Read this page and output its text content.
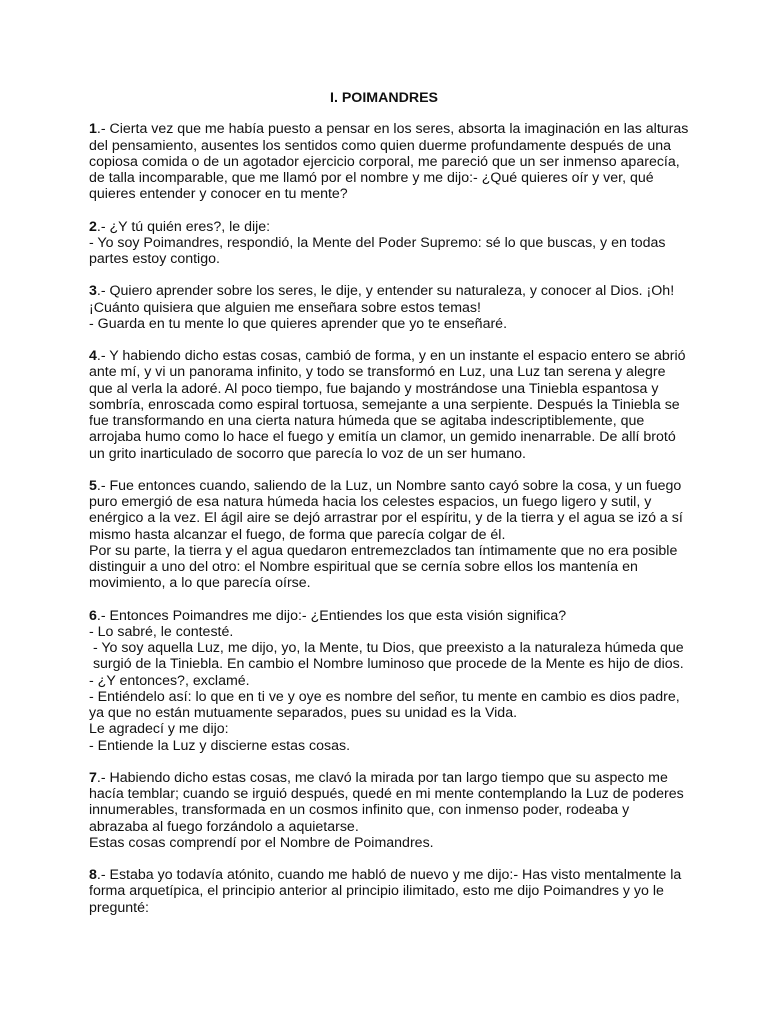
I. POIMANDRES
1.- Cierta vez que me había puesto a pensar en los seres, absorta la imaginación en las alturas
del pensamiento, ausentes los sentidos como quien duerme profundamente después de una
copiosa comida o de un agotador ejercicio corporal, me pareció que un ser inmenso aparecía,
de talla incomparable, que me llamó por el nombre y me dijo:- ¿Qué quieres oír y ver, qué
quieres entender y conocer en tu mente?
2.- ¿Y tú quién eres?, le dije:
- Yo soy Poimandres, respondió, la Mente del Poder Supremo: sé lo que buscas, y en todas
partes estoy contigo.
3.- Quiero aprender sobre los seres, le dije, y entender su naturaleza, y conocer al Dios. ¡Oh!
¡Cuánto quisiera que alguien me enseñara sobre estos temas!
- Guarda en tu mente lo que quieres aprender que yo te enseñaré.
4.- Y habiendo dicho estas cosas, cambió de forma, y en un instante el espacio entero se abrió
ante mí, y vi un panorama infinito, y todo se transformó en Luz, una Luz tan serena y alegre
que al verla la adoré. Al poco tiempo, fue bajando y mostrándose una Tiniebla espantosa y
sombría, enroscada como espiral tortuosa, semejante a una serpiente. Después la Tiniebla se
fue transformando en una cierta natura húmeda que se agitaba indescriptiblemente, que
arrojaba humo como lo hace el fuego y emitía un clamor, un gemido inenarrable. De allí brotó
un grito inarticulado de socorro que parecía lo voz de un ser humano.
5.- Fue entonces cuando, saliendo de la Luz, un Nombre santo cayó sobre la cosa, y un fuego
puro emergió de esa natura húmeda hacia los celestes espacios, un fuego ligero y sutil, y
enérgico a la vez. El ágil aire se dejó arrastrar por el espíritu, y de la tierra y el agua se izó a sí
mismo hasta alcanzar el fuego, de forma que parecía colgar de él.
Por su parte, la tierra y el agua quedaron entremezclados tan íntimamente que no era posible
distinguir a uno del otro: el Nombre espiritual que se cernía sobre ellos los mantenía en
movimiento, a lo que parecía oírse.
6.- Entonces Poimandres me dijo:- ¿Entiendes los que esta visión significa?
- Lo sabré, le contesté.
- Yo soy aquella Luz, me dijo, yo, la Mente, tu Dios, que preexisto a la naturaleza húmeda que
surgió de la Tiniebla. En cambio el Nombre luminoso que procede de la Mente es hijo de dios.
- ¿Y entonces?, exclamé.
- Entiéndelo así: lo que en ti ve y oye es nombre del señor, tu mente en cambio es dios padre,
ya que no están mutuamente separados, pues su unidad es la Vida.
Le agradecí y me dijo:
- Entiende la Luz y discierne estas cosas.
7.- Habiendo dicho estas cosas, me clavó la mirada por tan largo tiempo que su aspecto me
hacía temblar; cuando se irguió después, quedé en mi mente contemplando la Luz de poderes
innumerables, transformada en un cosmos infinito que, con inmenso poder, rodeaba y
abrazaba al fuego forzándolo a aquietarse.
Estas cosas comprendí por el Nombre de Poimandres.
8.- Estaba yo todavía atónito, cuando me habló de nuevo y me dijo:- Has visto mentalmente la
forma arquetípica, el principio anterior al principio ilimitado, esto me dijo Poimandres y yo le
pregunté:
